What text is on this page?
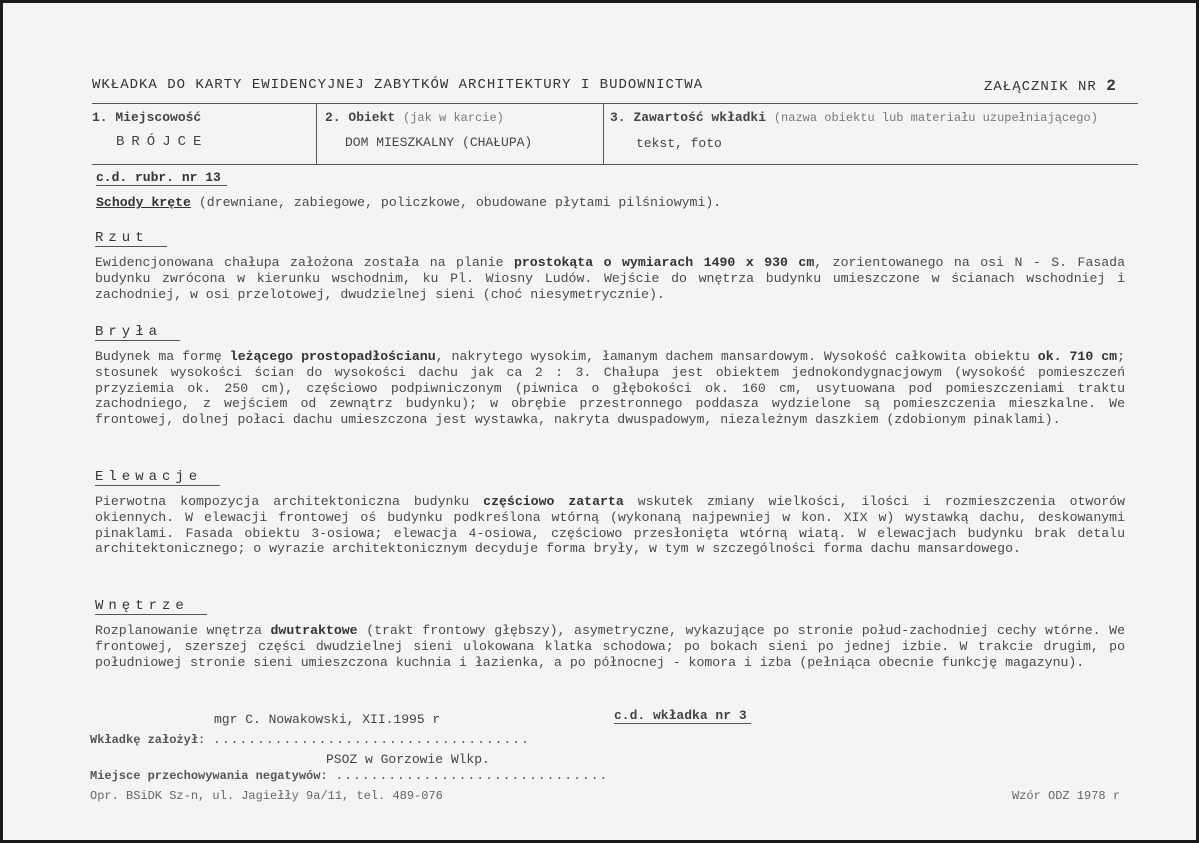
WKŁADKA DO KARTY EWIDENCYJNEJ ZABYTKÓW ARCHITEKTURY I BUDOWNICTWA	ZAŁĄCZNIK NR 2
1. Miejscowość
BRÓJCE
2. Obiekt (jak w karcie)
DOM MIESZKALNY (CHAŁUPA)
3. Zawartość wkładki (nazwa obiektu lub materiału uzupełniającego)
tekst, foto
c.d. rubr. nr 13
Schody kręte (drewniane, zabiegowe, policzkowe, obudowane płytami pilśniowymi).
Rzut
Ewidencjonowana chałupa założona została na planie prostokąta o wymiarach 1490 x 930 cm, zorientowanego na osi N - S. Fasada budynku zwrócona w kierunku wschodnim, ku Pl. Wiosny Ludów. Wejście do wnętrza budynku umieszczone w ścianach wschodniej i zachodniej, w osi przelotowej, dwudzielnej sieni (choć niesymetrycznie).
Bryła
Budynek ma formę leżącego prostopadłościanu, nakrytego wysokim, łamanym dachem mansardowym. Wysokość całkowita obiektu ok. 710 cm; stosunek wysokości ścian do wysokości dachu jak ca 2 : 3. Chałupa jest obiektem jednokondygnacjowym (wysokość pomieszczeń przyziemia ok. 250 cm), częściowo podpiwniczonym (piwnica o głębokości ok. 160 cm, usytuowana pod pomieszczeniami traktu zachodniego, z wejściem od zewnątrz budynku); w obrębie przestronnego poddasza wydzielone są pomieszczenia mieszkalne. We frontowej, dolnej połaci dachu umieszczona jest wystawka, nakryta dwuspadowym, niezależnym daszkiem (zdobionym pinaklami).
Elewacje
Pierwotna kompozycja architektoniczna budynku częściowo zatarta wskutek zmiany wielkości, ilości i rozmieszczenia otworów okiennych. W elewacji frontowej oś budynku podkreślona wtórną (wykonaną najpewniej w kon. XIX w) wystawką dachu, deskowanymi pinaklami. Fasada obiektu 3-osiowa; elewacja 4-osiowa, częściowo przesłonięta wtórną wiatą. W elewacjach budynku brak detalu architektonicznego; o wyrazie architektonicznym decyduje forma bryły, w tym w szczególności forma dachu mansardowego.
Wnętrze
Rozplanowanie wnętrza dwutraktowe (trakt frontowy głębszy), asymetryczne, wykazujące po stronie połud-zachodniej cechy wtórne. We frontowej, szerszej części dwudzielnej sieni ulokowana klatka schodowa; po bokach sieni po jednej izbie. W trakcie drugim, po południowej stronie sieni umieszczona kuchnia i łazienka, a po północnej - komora i izba (pełniąca obecnie funkcję magazynu).
mgr C. Nowakowski, XII.1995 r	c.d. wkładka nr 3
Wkładkę założył: ....................................
PSOZ w Gorzowie Wlkp.
Miejsce przechowywania negatywów: ...............................
Opr. BSiDK Sz-n, ul. Jagiełły 9a/11, tel. 489-076	Wzór ODZ 1978 r
